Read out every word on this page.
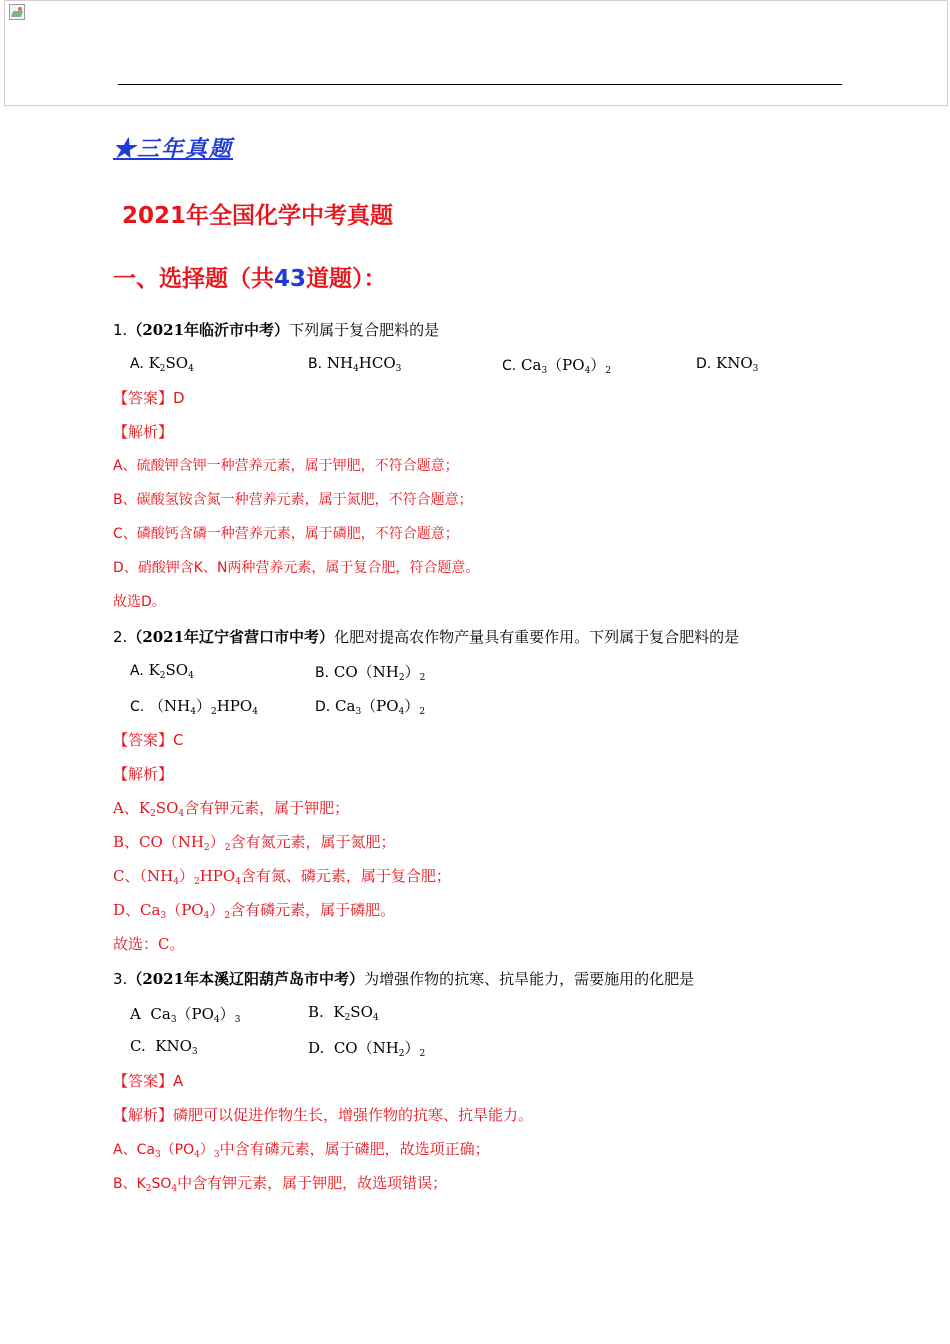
★三年真题
2021年全国化学中考真题
一、选择题（共43道题）：
1.（2021年临沂市中考）下列属于复合肥料的是
A. $K_2SO_4$	B. $NH_4HCO_3$	C. $Ca_3(PO_4)_2$	D. $KNO_3$
【答案】D
【解析】
A、硫酸钾含钾一种营养元素，属于钾肥，不符合题意；
B、碳酸氢铵含氮一种营养元素，属于氮肥，不符合题意；
C、磷酸钙含磷一种营养元素，属于磷肥，不符合题意；
D、硝酸钾含K、N两种营养元素，属于复合肥，符合题意。
故选D。
2.（2021年辽宁省营口市中考）化肥对提高农作物产量具有重要作用。下列属于复合肥料的是
A. $K_2SO_4$	B. $CO(NH_2)_2$
C. $(NH_4)_2HPO_4$	D. $Ca_3(PO_4)_2$
【答案】C
【解析】
A、$K_2SO_4$含有钾元素，属于钾肥；
B、$CO(NH_2)_2$含有氮元素，属于氮肥；
C、$(NH_4)_2HPO_4$含有氮、磷元素，属于复合肥；
D、$Ca_3(PO_4)_2$含有磷元素，属于磷肥。
故选：C。
3.（2021年本溪辽阳葫芦岛市中考）为增强作物的抗寒、抗旱能力，需要施用的化肥是
A $Ca_3(PO_4)_3$	B. $K_2SO_4$
C. $KNO_3$	D. $CO(NH_2)_2$
【答案】A
【解析】磷肥可以促进作物生长，增强作物的抗寒、抗旱能力。
A、$Ca_3(PO_4)_3$中含有磷元素，属于磷肥，故选项正确；
B、$K_2SO_4$中含有钾元素，属于钾肥，故选项错误；
